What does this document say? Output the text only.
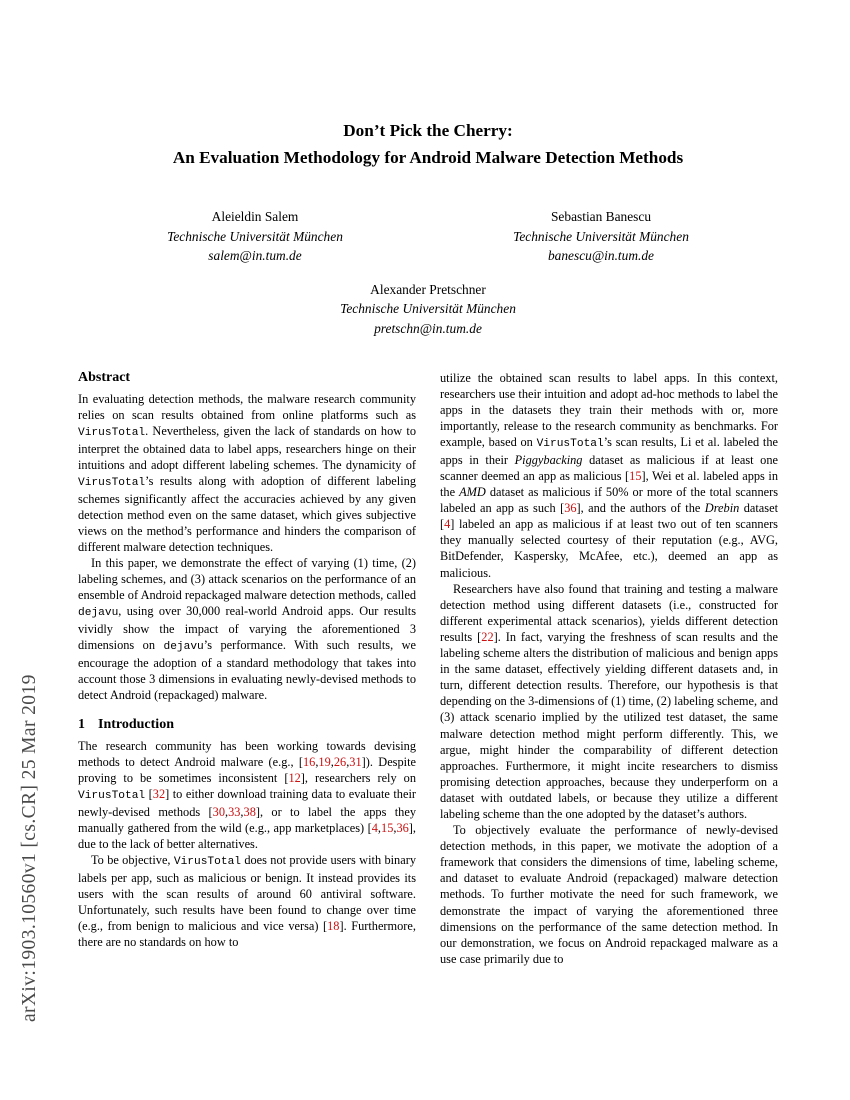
arXiv:1903.10560v1 [cs.CR] 25 Mar 2019
Don’t Pick the Cherry:
An Evaluation Methodology for Android Malware Detection Methods
Aleieldin Salem
Technische Universität München
salem@in.tum.de
Sebastian Banescu
Technische Universität München
banescu@in.tum.de
Alexander Pretschner
Technische Universität München
pretschn@in.tum.de
Abstract

In evaluating detection methods, the malware research community relies on scan results obtained from online platforms such as VirusTotal. Nevertheless, given the lack of standards on how to interpret the obtained data to label apps, researchers hinge on their intuitions and adopt different labeling schemes. The dynamicity of VirusTotal’s results along with adoption of different labeling schemes significantly affect the accuracies achieved by any given detection method even on the same dataset, which gives subjective views on the method’s performance and hinders the comparison of different malware detection techniques.

In this paper, we demonstrate the effect of varying (1) time, (2) labeling schemes, and (3) attack scenarios on the performance of an ensemble of Android repackaged malware detection methods, called dejavu, using over 30,000 real-world Android apps. Our results vividly show the impact of varying the aforementioned 3 dimensions on dejavu’s performance. With such results, we encourage the adoption of a standard methodology that takes into account those 3 dimensions in evaluating newly-devised methods to detect Android (repackaged) malware.

1 Introduction

The research community has been working towards devising methods to detect Android malware (e.g., [16,19,26,31]). Despite proving to be sometimes inconsistent [12], researchers rely on VirusTotal [32] to either download training data to evaluate their newly-devised methods [30,33,38], or to label the apps they manually gathered from the wild (e.g., app marketplaces) [4,15,36], due to the lack of better alternatives.

To be objective, VirusTotal does not provide users with binary labels per app, such as malicious or benign. It instead provides its users with the scan results of around 60 antiviral software. Unfortunately, such results have been found to change over time (e.g., from benign to malicious and vice versa) [18]. Furthermore, there are no standards on how to

utilize the obtained scan results to label apps. In this context, researchers use their intuition and adopt ad-hoc methods to label the apps in the datasets they train their methods with or, more importantly, release to the research community as benchmarks. For example, based on VirusTotal’s scan results, Li et al. labeled the apps in their Piggybacking dataset as malicious if at least one scanner deemed an app as malicious [15], Wei et al. labeled apps in the AMD dataset as malicious if 50% or more of the total scanners labeled an app as such [36], and the authors of the Drebin dataset [4] labeled an app as malicious if at least two out of ten scanners they manually selected courtesy of their reputation (e.g., AVG, BitDefender, Kaspersky, McAfee, etc.), deemed an app as malicious.

Researchers have also found that training and testing a malware detection method using different datasets (i.e., constructed for different experimental attack scenarios), yields different detection results [22]. In fact, varying the freshness of scan results and the labeling scheme alters the distribution of malicious and benign apps in the same dataset, effectively yielding different datasets and, in turn, different detection results. Therefore, our hypothesis is that depending on the 3-dimensions of (1) time, (2) labeling scheme, and (3) attack scenario implied by the utilized test dataset, the same malware detection method might perform differently. This, we argue, might hinder the comparability of different detection approaches. Furthermore, it might incite researchers to dismiss promising detection approaches, because they underperform on a dataset with outdated labels, or because they utilize a different labeling scheme than the one adopted by the dataset’s authors.

To objectively evaluate the performance of newly-devised detection methods, in this paper, we motivate the adoption of a framework that considers the dimensions of time, labeling scheme, and dataset to evaluate Android (repackaged) malware detection methods. To further motivate the need for such framework, we demonstrate the impact of varying the aforementioned three dimensions on the performance of the same detection method. In our demonstration, we focus on Android repackaged malware as a use case primarily due to
